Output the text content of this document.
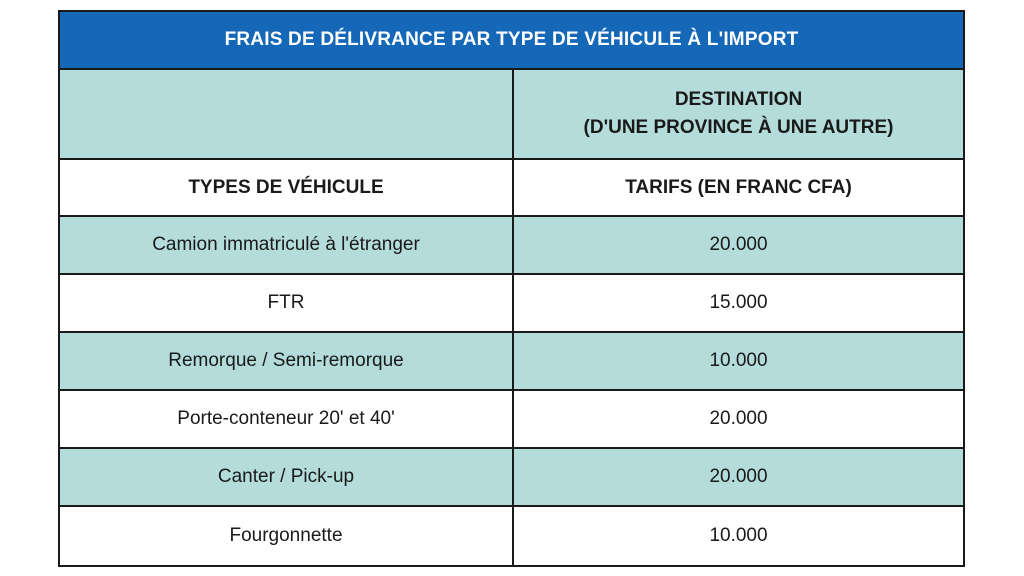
FRAIS DE DÉLIVRANCE PAR TYPE DE VÉHICULE À L'IMPORT
DESTINATION
(D'UNE PROVINCE À UNE AUTRE)
TYPES DE VÉHICULE	TARIFS (EN FRANC CFA)
Camion immatriculé à l'étranger	20.000
FTR	15.000
Remorque / Semi-remorque	10.000
Porte-conteneur 20' et 40'	20.000
Canter / Pick-up	20.000
Fourgonnette	10.000
